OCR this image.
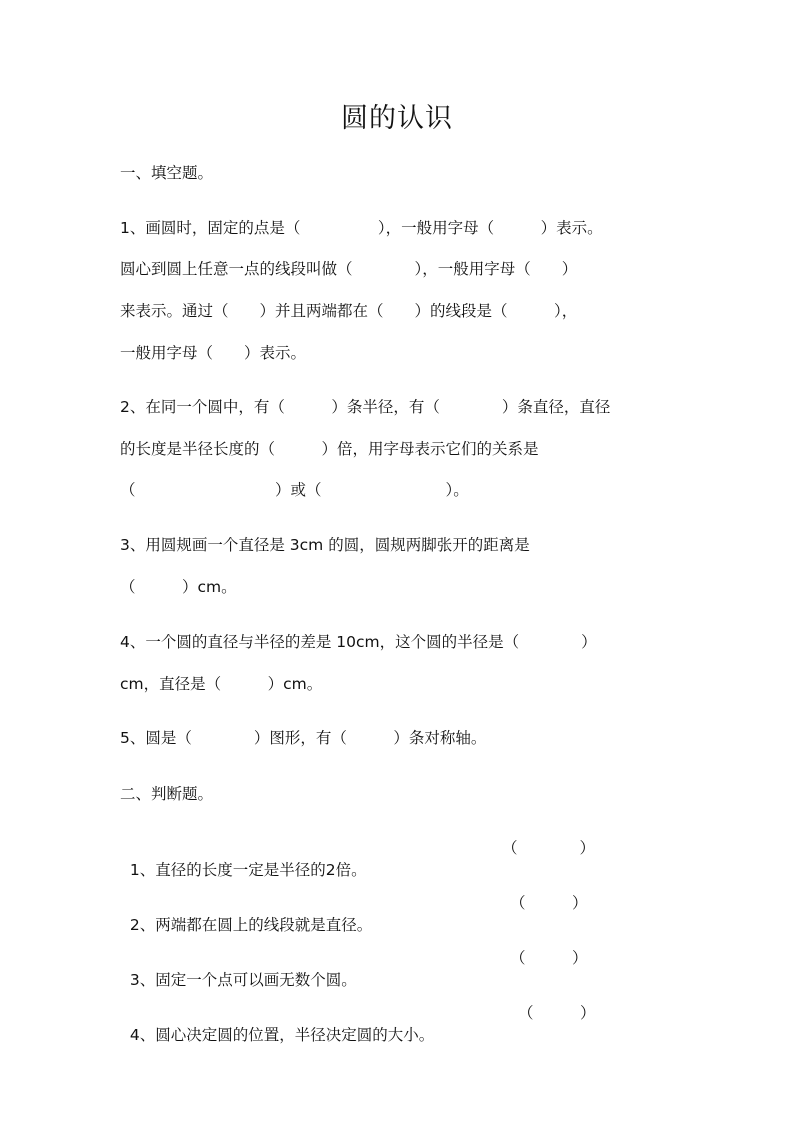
圆的认识
一、填空题。
1、画圆时，固定的点是（　　　　　），一般用字母（　　　）表示。
圆心到圆上任意一点的线段叫做（　　　　），一般用字母（　　）
来表示。通过（　　）并且两端都在（　　）的线段是（　　　），
一般用字母（　　）表示。
2、在同一个圆中，有（　　　）条半径，有（　　　　）条直径，直径
的长度是半径长度的（　　　）倍，用字母表示它们的关系是
（　　　　　　　　　）或（　　　　　　　　）。
3、用圆规画一个直径是 3cm 的圆，圆规两脚张开的距离是
（　　　）cm。
4、一个圆的直径与半径的差是 10cm，这个圆的半径是（　　　　）
cm，直径是（　　　）cm。
5、圆是（　　　　）图形，有（　　　）条对称轴。
二、判断题。

1、直径的长度一定是半径的2倍。

（　　　　）

2、两端都在圆上的线段就是直径。

（　　　）

3、固定一个点可以画无数个圆。

（　　　）

4、圆心决定圆的位置，半径决定圆的大小。

（　　　）
